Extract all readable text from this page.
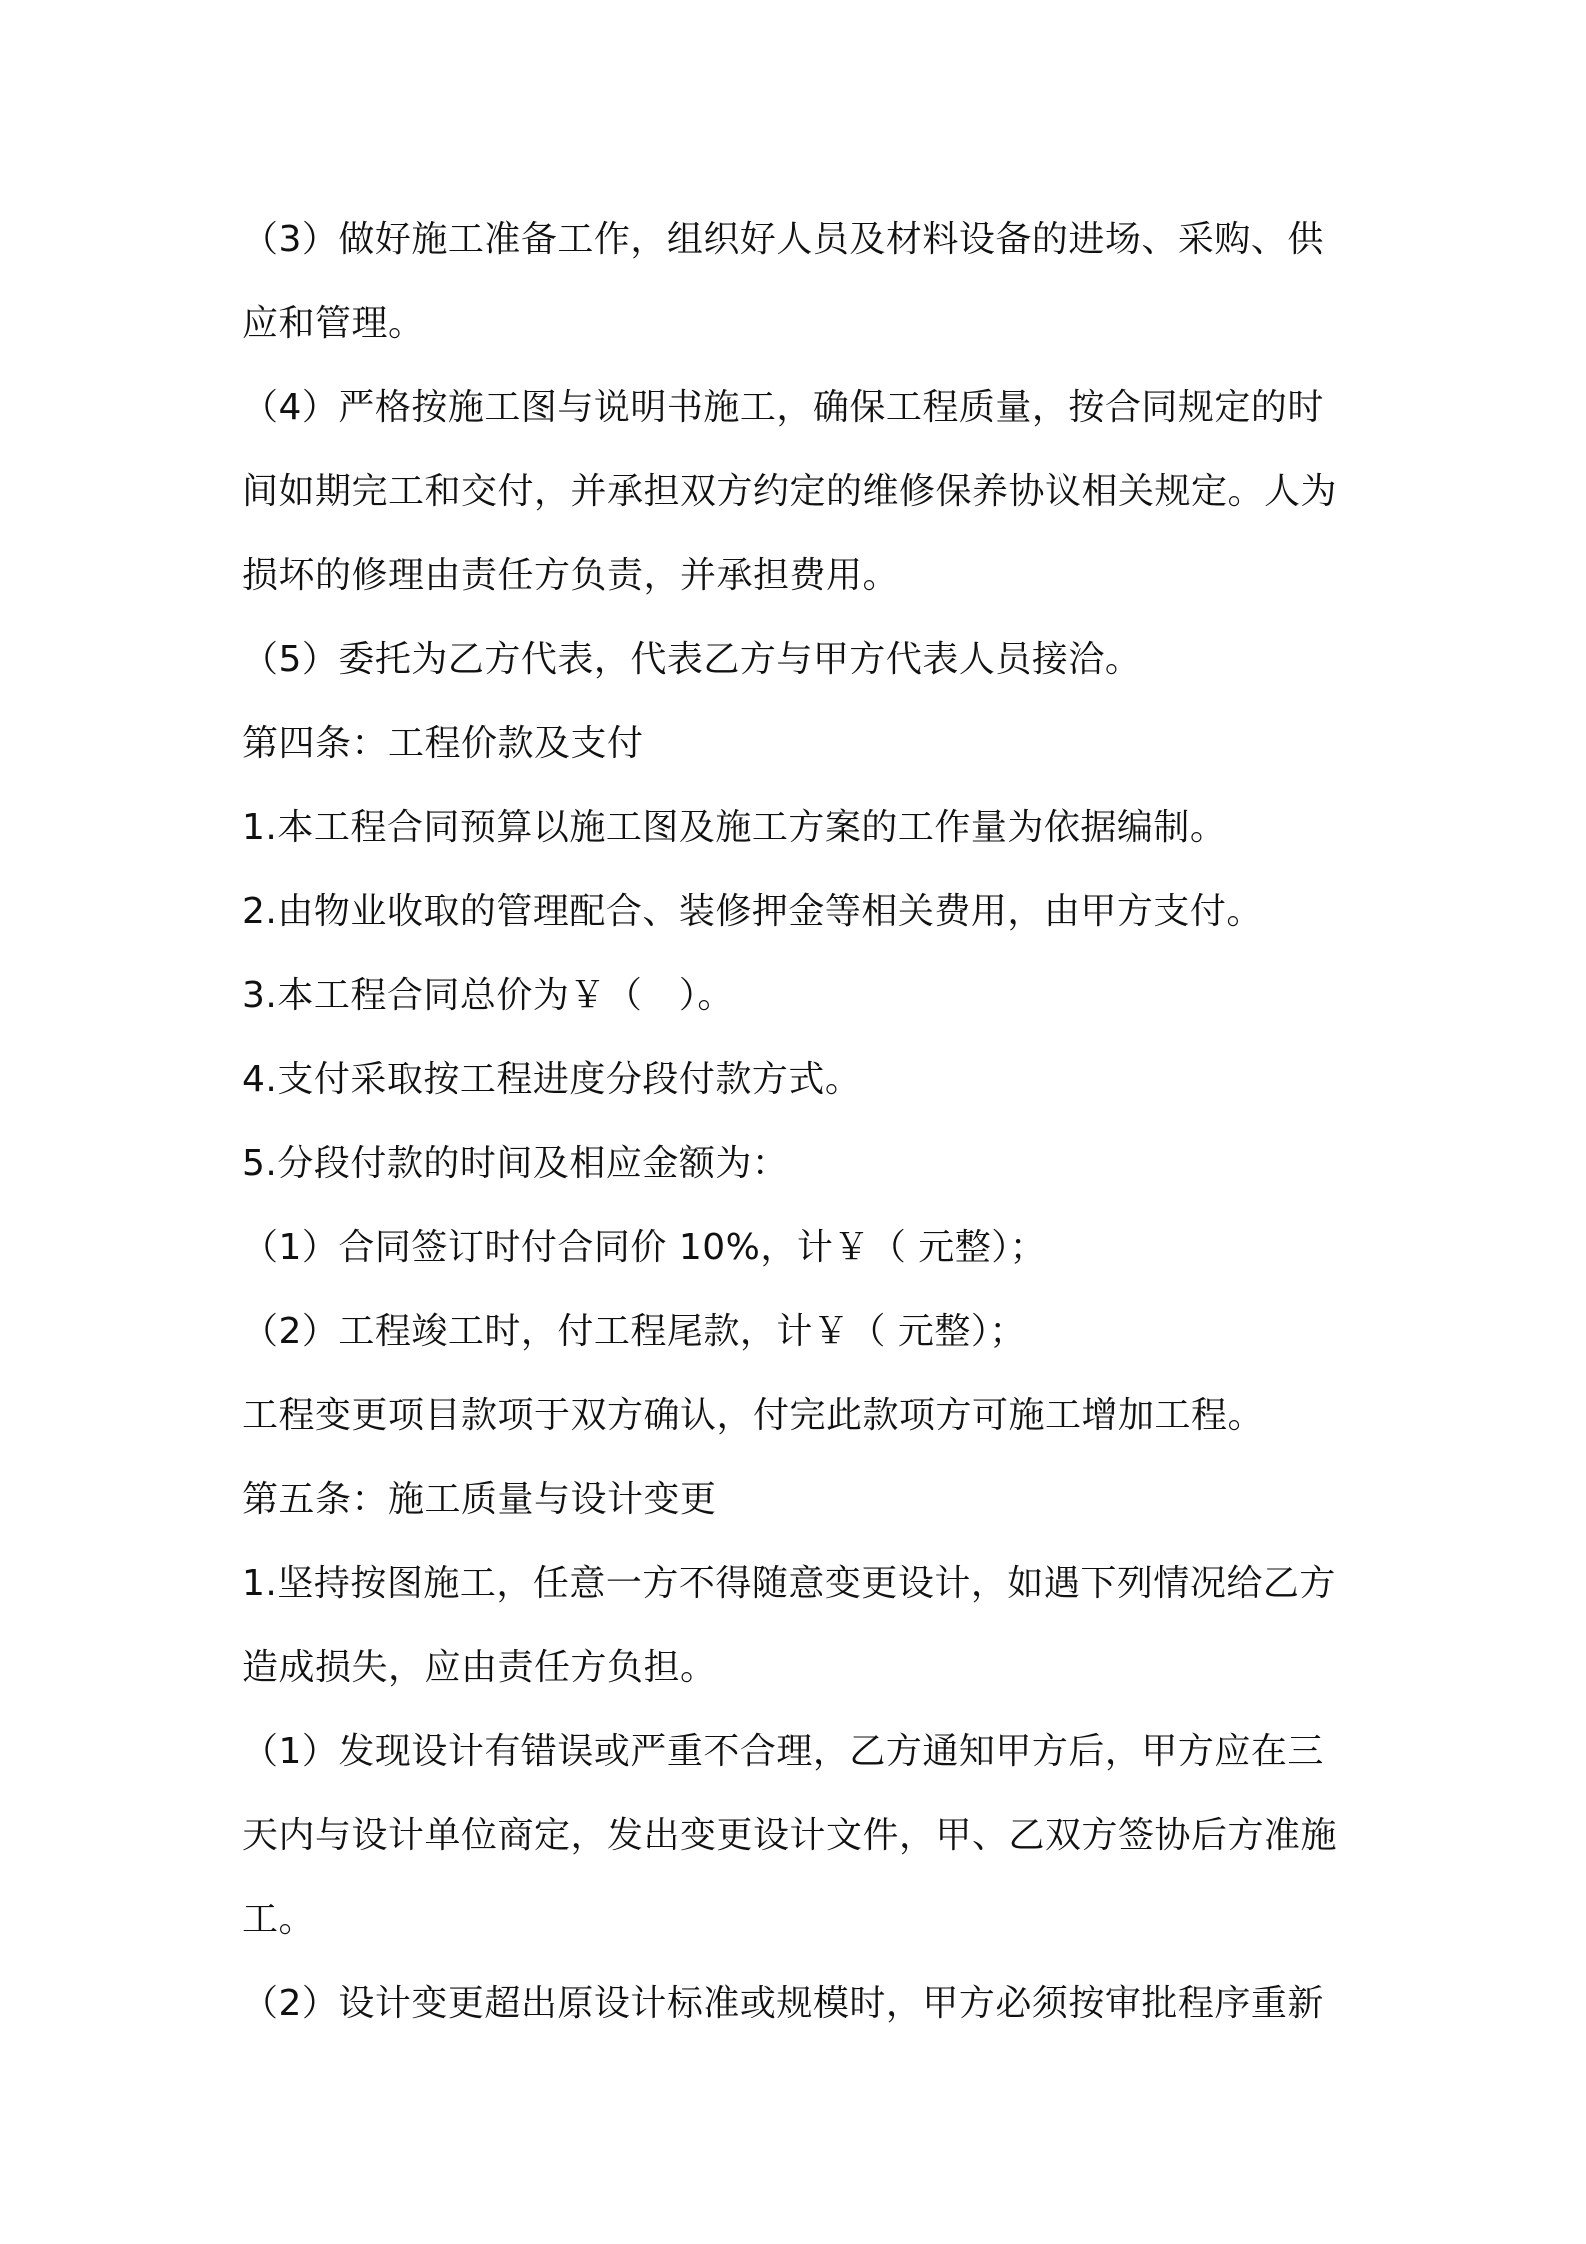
（3）做好施工准备工作，组织好人员及材料设备的进场、采购、供
应和管理。
（4）严格按施工图与说明书施工，确保工程质量，按合同规定的时
间如期完工和交付，并承担双方约定的维修保养协议相关规定。人为
损坏的修理由责任方负责，并承担费用。
（5）委托为乙方代表，代表乙方与甲方代表人员接洽。
第四条：工程价款及支付
1.本工程合同预算以施工图及施工方案的工作量为依据编制。
2.由物业收取的管理配合、装修押金等相关费用，由甲方支付。
3.本工程合同总价为￥（　）。
4.支付采取按工程进度分段付款方式。
5.分段付款的时间及相应金额为：
（1）合同签订时付合同价 10%，计￥（ 元整）；
（2）工程竣工时，付工程尾款，计￥（ 元整）；
工程变更项目款项于双方确认，付完此款项方可施工增加工程。
第五条：施工质量与设计变更
1.坚持按图施工，任意一方不得随意变更设计，如遇下列情况给乙方
造成损失，应由责任方负担。
（1）发现设计有错误或严重不合理，乙方通知甲方后，甲方应在三
天内与设计单位商定，发出变更设计文件，甲、乙双方签协后方准施
工。
（2）设计变更超出原设计标准或规模时，甲方必须按审批程序重新
